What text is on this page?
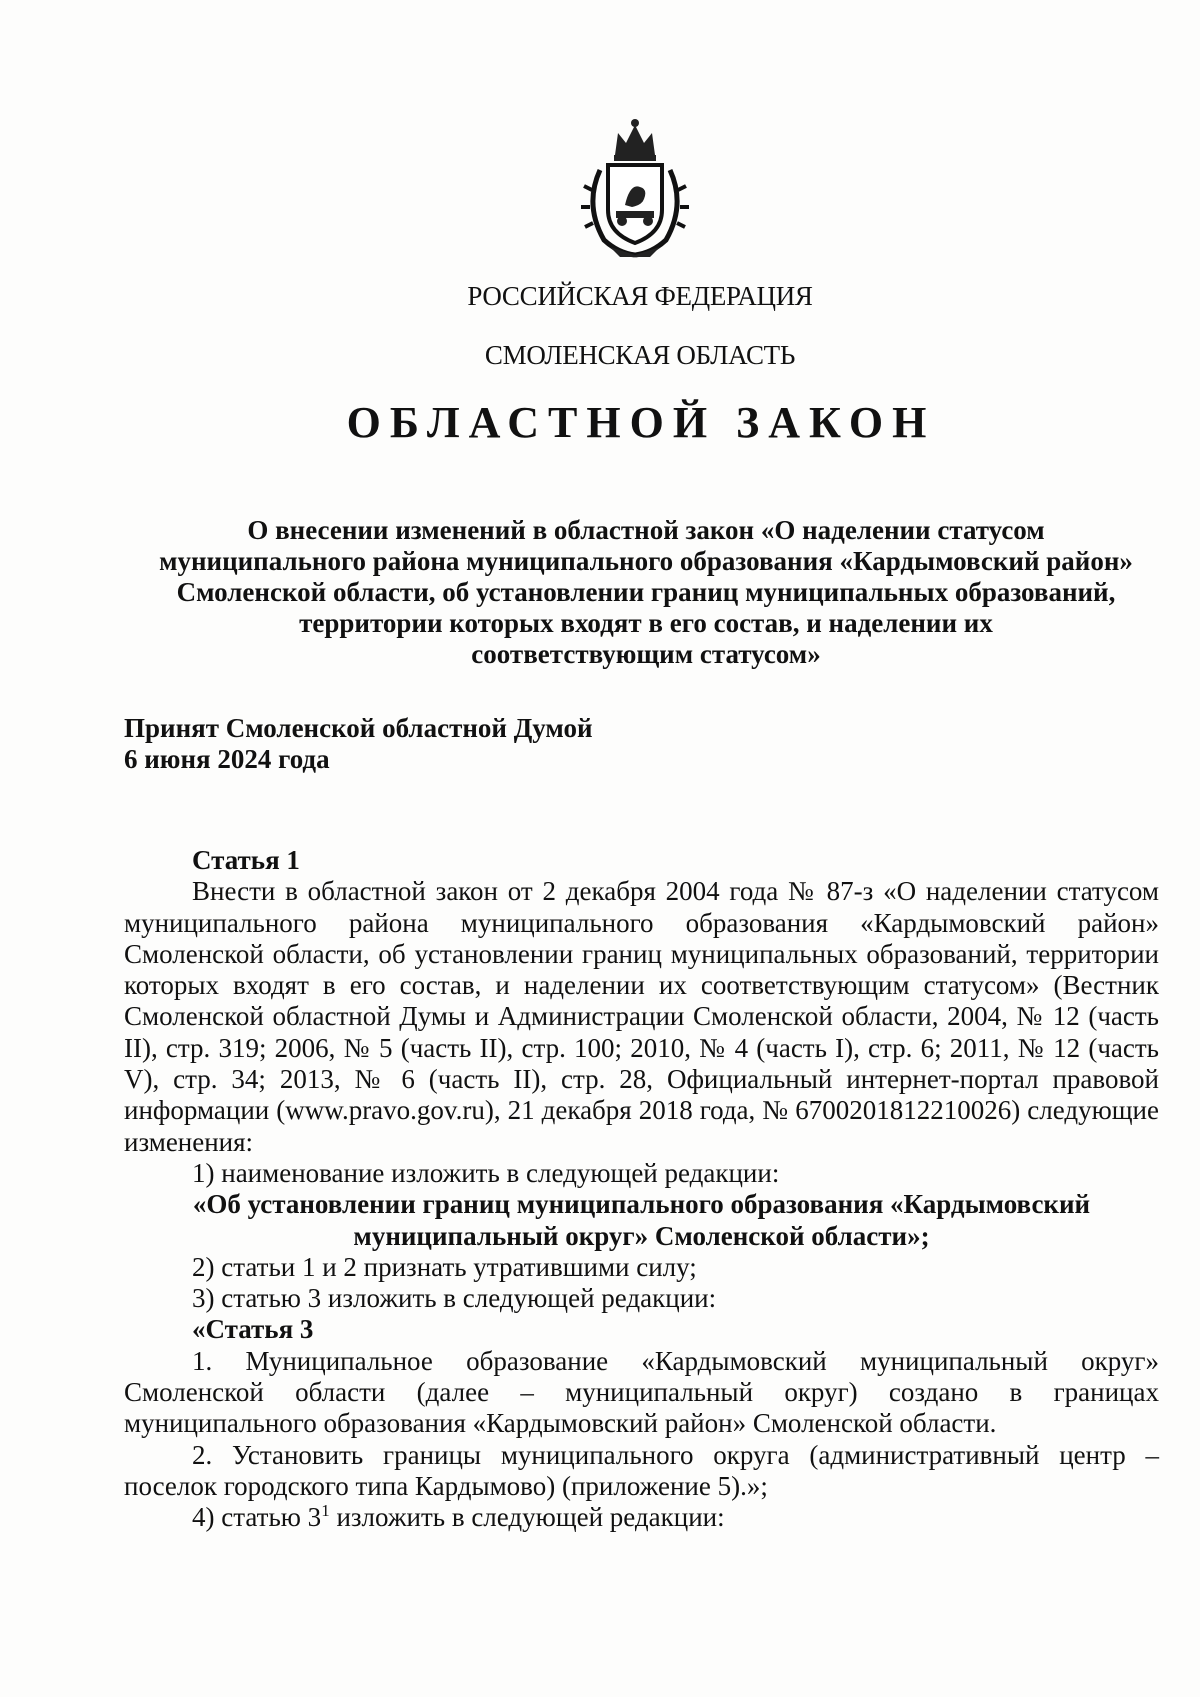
РОССИЙСКАЯ ФЕДЕРАЦИЯ
СМОЛЕНСКАЯ ОБЛАСТЬ
ОБЛАСТНОЙ ЗАКОН
О внесении изменений в областной закон «О наделении статусом
муниципального района муниципального образования «Кардымовский район»
Смоленской области, об установлении границ муниципальных образований,
территории которых входят в его состав, и наделении их
соответствующим статусом»
Принят Смоленской областной Думой
6 июня 2024 года
Статья 1

Внести в областной закон от 2 декабря 2004 года № 87-з «О наделении статусом муниципального района муниципального образования «Кардымовский район» Смоленской области, об установлении границ муниципальных образований, территории которых входят в его состав, и наделении их соответствующим статусом» (Вестник Смоленской областной Думы и Администрации Смоленской области, 2004, № 12 (часть II), стр. 319; 2006, № 5 (часть II), стр. 100; 2010, № 4 (часть I), стр. 6; 2011, № 12 (часть V), стр. 34; 2013, № 6 (часть II), стр. 28, Официальный интернет-портал правовой информации (www.pravo.gov.ru), 21 декабря 2018 года, № 6700201812210026) следующие изменения:

1) наименование изложить в следующей редакции:

«Об установлении границ муниципального образования «Кардымовский

муниципальный округ» Смоленской области»;

2) статьи 1 и 2 признать утратившими силу;

3) статью 3 изложить в следующей редакции:

«Статья 3

1. Муниципальное образование «Кардымовский муниципальный округ» Смоленской области (далее – муниципальный округ) создано в границах муниципального образования «Кардымовский район» Смоленской области.

2. Установить границы муниципального округа (административный центр – поселок городского типа Кардымово) (приложение 5).»;

4) статью $3^1$ изложить в следующей редакции:
